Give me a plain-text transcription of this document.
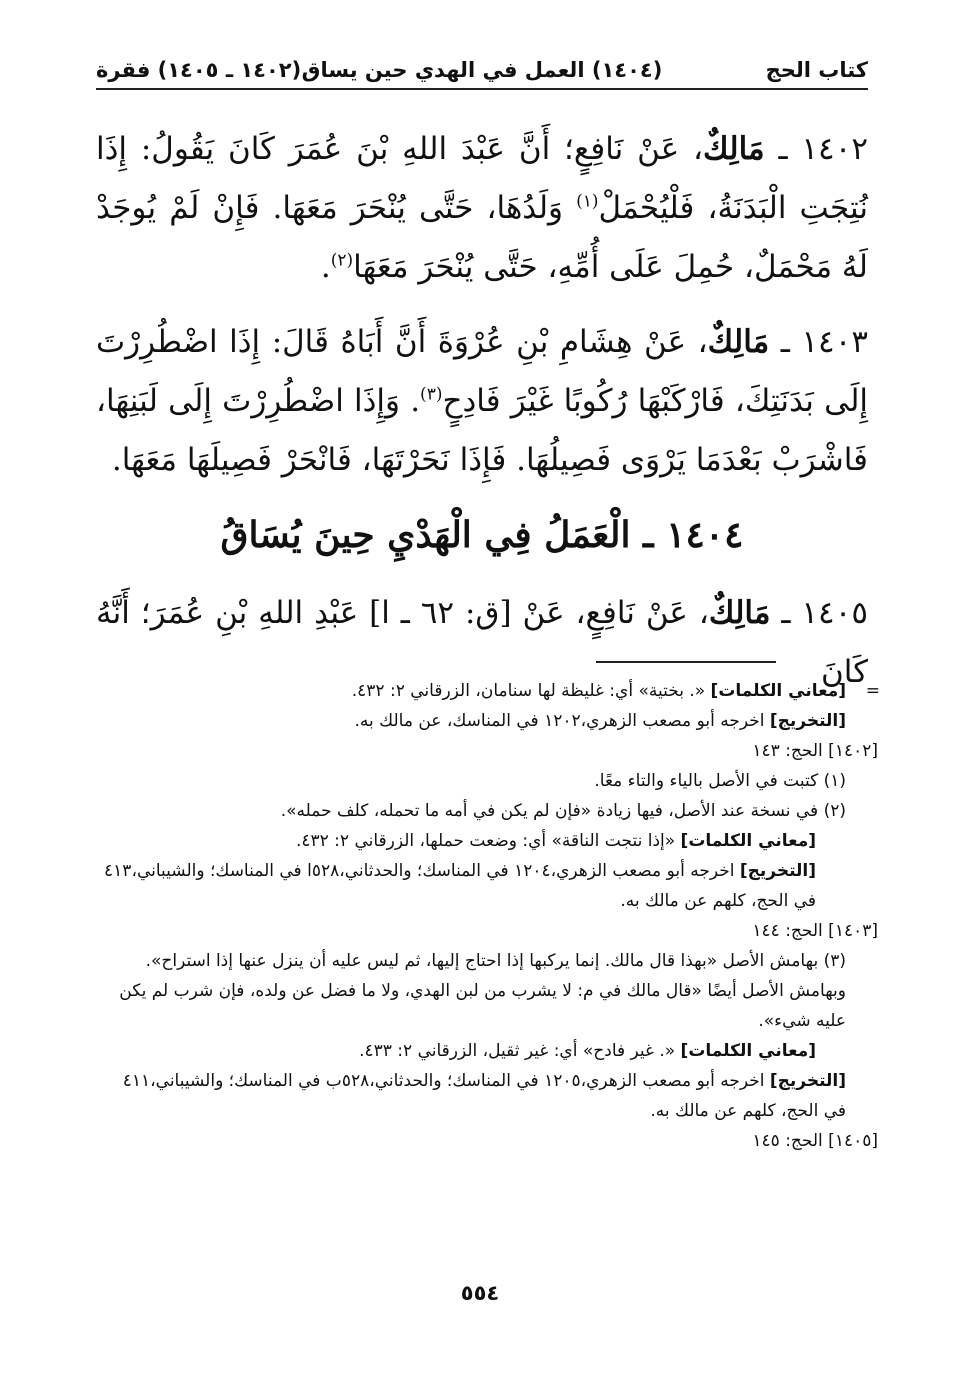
كتاب الحج
(١٤٠٤) العمل في الهدي حين يساق
(١٤٠٢ ـ ١٤٠٥) فقرة

١٤٠٢ ـ مَالِكٌ، عَنْ نَافِعٍ؛ أَنَّ عَبْدَ اللهِ بْنَ عُمَرَ كَانَ يَقُولُ: إِذَا نُتِجَتِ الْبَدَنَةُ، فَلْيُحْمَلْ$^{(١)}$ وَلَدُهَا، حَتَّى يُنْحَرَ مَعَهَا. فَإِنْ لَمْ يُوجَدْ لَهُ مَحْمَلٌ، حُمِلَ عَلَى أُمِّهِ، حَتَّى يُنْحَرَ مَعَهَا$^{(٢)}$.

١٤٠٣ ـ مَالِكٌ، عَنْ هِشَامِ بْنِ عُرْوَةَ أَنَّ أَبَاهُ قَالَ: إِذَا اضْطُرِرْتَ إِلَى بَدَنَتِكَ، فَارْكَبْهَا رُكُوبًا غَيْرَ فَادِحٍ$^{(٣)}$. وَإِذَا اضْطُرِرْتَ إِلَى لَبَنِهَا، فَاشْرَبْ بَعْدَمَا يَرْوَى فَصِيلُهَا. فَإِذَا نَحَرْتَهَا، فَانْحَرْ فَصِيلَهَا مَعَهَا.

١٤٠٤ ـ الْعَمَلُ فِي الْهَدْيِ حِينَ يُسَاقُ

١٤٠٥ ـ مَالِكٌ، عَنْ نَافِعٍ، عَنْ [ق: ٦٢ ـ ا] عَبْدِ اللهِ بْنِ عُمَرَ؛ أَنَّهُ كَانَ

=
[معاني الكلمات] «. بختية» أي: غليظة لها سنامان، الزرقاني ٢: ٤٣٢.

[التخريج] اخرجه أبو مصعب الزهري،١٢٠٢ في المناسك، عن مالك به.

[١٤٠٢] الحج: ١٤٣

(١) كتبت في الأصل بالياء والتاء معًا.

(٢) في نسخة عند الأصل، فيها زيادة «فإن لم يكن في أمه ما تحمله، كلف حمله».

[معاني الكلمات] «إذا نتجت الناقة» أي: وضعت حملها، الزرقاني ٢: ٤٣٢.

[التخريج] اخرجه أبو مصعب الزهري،١٢٠٤ في المناسك؛ والحدثاني،٥٢٨ا في المناسك؛ والشيباني،٤١٣ في الحج، كلهم عن مالك به.

[١٤٠٣] الحج: ١٤٤

(٣) بهامش الأصل «بهذا قال مالك. إنما يركبها إذا احتاج إليها، ثم ليس عليه أن ينزل عنها إذا استراح».

وبهامش الأصل أيضًا «قال مالك في م: لا يشرب من لبن الهدي، ولا ما فضل عن ولده، فإن شرب لم يكن عليه شيء».

[معاني الكلمات] «. غير فادح» أي: غير ثقيل، الزرقاني ٢: ٤٣٣.

[التخريج] اخرجه أبو مصعب الزهري،١٢٠٥ في المناسك؛ والحدثاني،٥٢٨ب في المناسك؛ والشيباني،٤١١ في الحج، كلهم عن مالك به.

[١٤٠٥] الحج: ١٤٥

٥٥٤
